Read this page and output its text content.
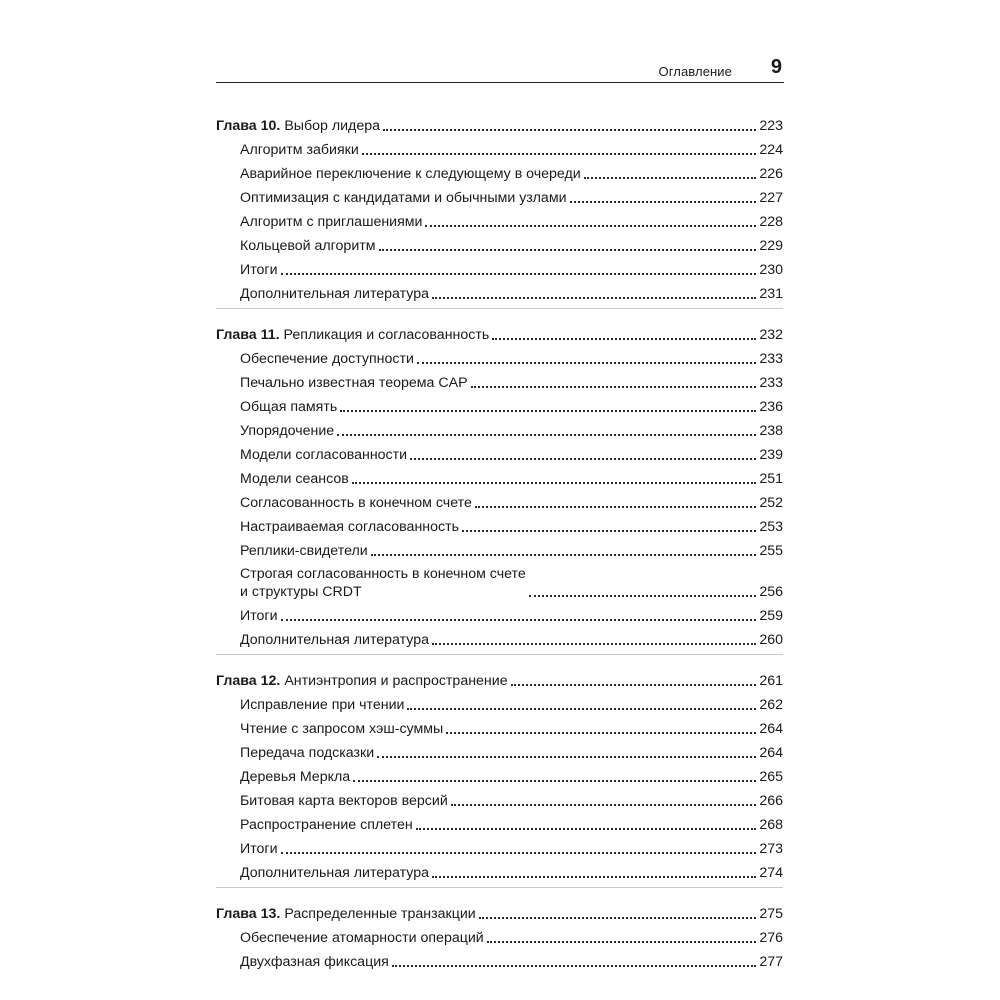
Оглавление 9
Глава 10. Выбор лидера	223
Алгоритм забияки	224
Аварийное переключение к следующему в очереди	226
Оптимизация с кандидатами и обычными узлами	227
Алгоритм с приглашениями	228
Кольцевой алгоритм	229
Итоги	230
Дополнительная литература	231
Глава 11. Репликация и согласованность	232
Обеспечение доступности	233
Печально известная теорема CAP	233
Общая память	236
Упорядочение	238
Модели согласованности	239
Модели сеансов	251
Согласованность в конечном счете	252
Настраиваемая согласованность	253
Реплики-свидетели	255
Строгая согласованность в конечном счете
и структуры CRDT	256
Итоги	259
Дополнительная литература	260
Глава 12. Антиэнтропия и распространение	261
Исправление при чтении	262
Чтение с запросом хэш-суммы	264
Передача подсказки	264
Деревья Меркла	265
Битовая карта векторов версий	266
Распространение сплетен	268
Итоги	273
Дополнительная литература	274
Глава 13. Распределенные транзакции	275
Обеспечение атомарности операций	276
Двухфазная фиксация	277
